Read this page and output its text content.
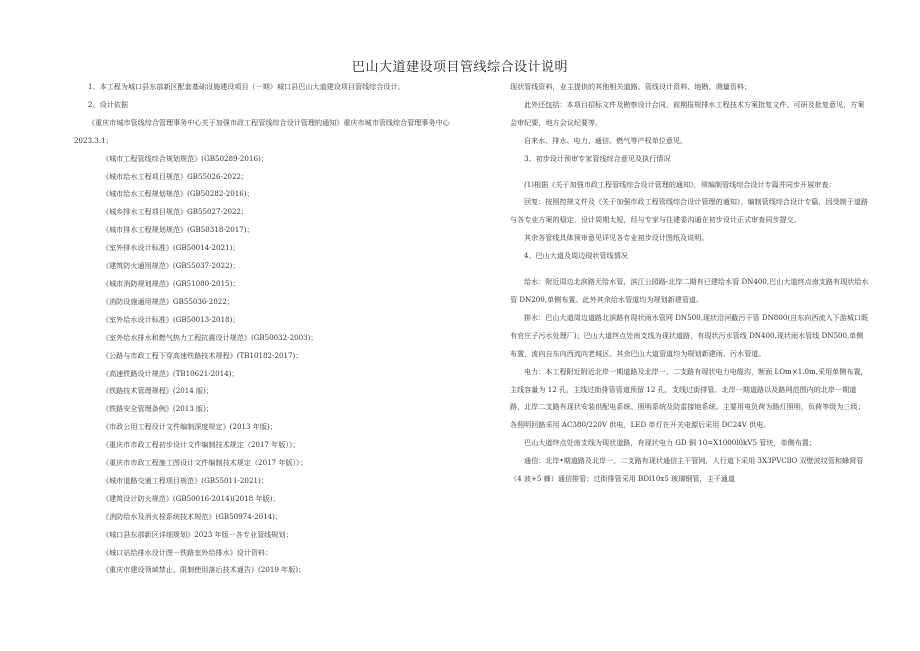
巴山大道建设项目管线综合设计说明

1、本工程为城口县东部新区配套基础设施建设项目（一期）城口县巴山大道建设项目管线综合设计。

2、设计依据

《重庆市城市管线综合管理事务中心关于加强市政工程管线综合设计管理的通知》重庆市城市管线综合管理事务中心 2023.3.1；

《城市工程管线综合规划规范》(GB50289-2016)；

《城市给水工程项目规范》GB55026-2022；

《城市给水工程规划规范》(GB50282-2016)；

《城乡排水工程项目规范》GB55027-2022；

《城市排水工程规划规范》(GB50318-2017)；

《室外排水设计标准》(GB50014-2021)；

《建筑防火通用规范》(GB55037-2022)；

《城市消防规划规范》(GB51080-2015)；

《消防设施通用规范》GB55036-2022；

《室外给水设计标准》(GB50013-2018)；

《室外给水排水和燃气热力工程抗震设计规范》(GB50032-2003)；

《公路与市政工程下穿高速铁路技术规程》(TB10182-2017)；

《高速铁路设计规范》(TB10621-2014)；

《铁路技术管理规程》(2014 版)；

《铁路安全管理条例》(2013 版)；

《市政公用工程设计文件编制深度规定》(2013 年版)；

《重庆市市政工程初步设计文件编制技术规定（2017 年版）》；

《重庆市市政工程施工图设计文件编制技术规定（2017 年版）》；

《城市道路交通工程项目规范》(GB55011-2021)；

《建筑设计防火规范》(GB50016-2014)(2018 年版)；

《消防给水及消火栓系统技术规范》(GB50974-2014)；

《城口县东部新区详细规划》2023 年版－各专业管线规划；

《城口站给排水设计图－铁路室外给排水》设计资料；

《重庆市建设领域禁止、限制使用落后技术通告》(2019 年版)；

现状管线资料，业主提供的其他相关道路、管线设计资料、地勘、测量资料；

此外还包括：本项目招标文件及勘察设计合同、前期报规排水工程技术方案批复文件、可研及批复意见，方案会审纪要，地方会议纪要等。

自来水、排水、电力、通信、燃气等产权单位意见。

3、初步设计预审专家管线综合意见及执行情况

(1)根据《关于加强市政工程管线综合设计管理的通知》，须编制管线综合设计专篇并同步开展审查：

回复：按照控规文件及《关于加强市政工程管线综合设计管理的通知》，编制管线综合设计专篇，因受制于道路与各专业方案的稳定，设计周期太短，经与专家与住建委沟通在初步设计正式审查同步提交。

其余各管线具体预审意见详见各专业初步设计图纸及说明。

4、巴山大道及周边现状管线情况

给水：附近周边北滨路无给水管，滨江公园路-北岸二期有已建给水管 DN400,巴山大道终点南支路有现状给水管 DN200,单侧布置。此外其余给水管道均为规划新建管道。

排水：巴山大道周边道路北滨路有现状雨水管网 DN500,现状沿河截污干管 DN800(自东向西流入下游城口既有官庄子污水处理厂)；巴山大道终点处南支线为现状道路，有现状污水管线 DN400,现状雨水管线 DN500,单侧布置，流向自东向西流向老城区。其余巴山大道管道均为规划新建雨、污水管道。

电力：本工程附近附近北岸一期道路及北岸一、二支路有现状电力电缆沟，断面 LOm×1.0m,采用单侧布置，主线容量为 12 孔，主线过街排管管道预留 12 孔，支线过街排管。北岸一期道路以及路网范围内的北岸一期道路、北岸二支路有现状安装供配电系统、照明系统及防雷接地系统。主要用电负荷为路灯照明，负荷等级为三级；各照明回路采用 AC380/220V 供电，LED 单灯在开关电源后采用 DC24V 供电。

巴山大道终点处南支线为现状道路，有现状电力 GD 铜 10=X1000l0kV5 管块，单侧布置；

通信：北岸•期道路及北岸一、二支路有现状通信主干管网，人行道下采用 3X3PVCllO 双壁波纹管和蜂窝管（4 波+5 蜂）通信排管；过街排管采用 BDl10x5 玻璃钢管，主干通道
